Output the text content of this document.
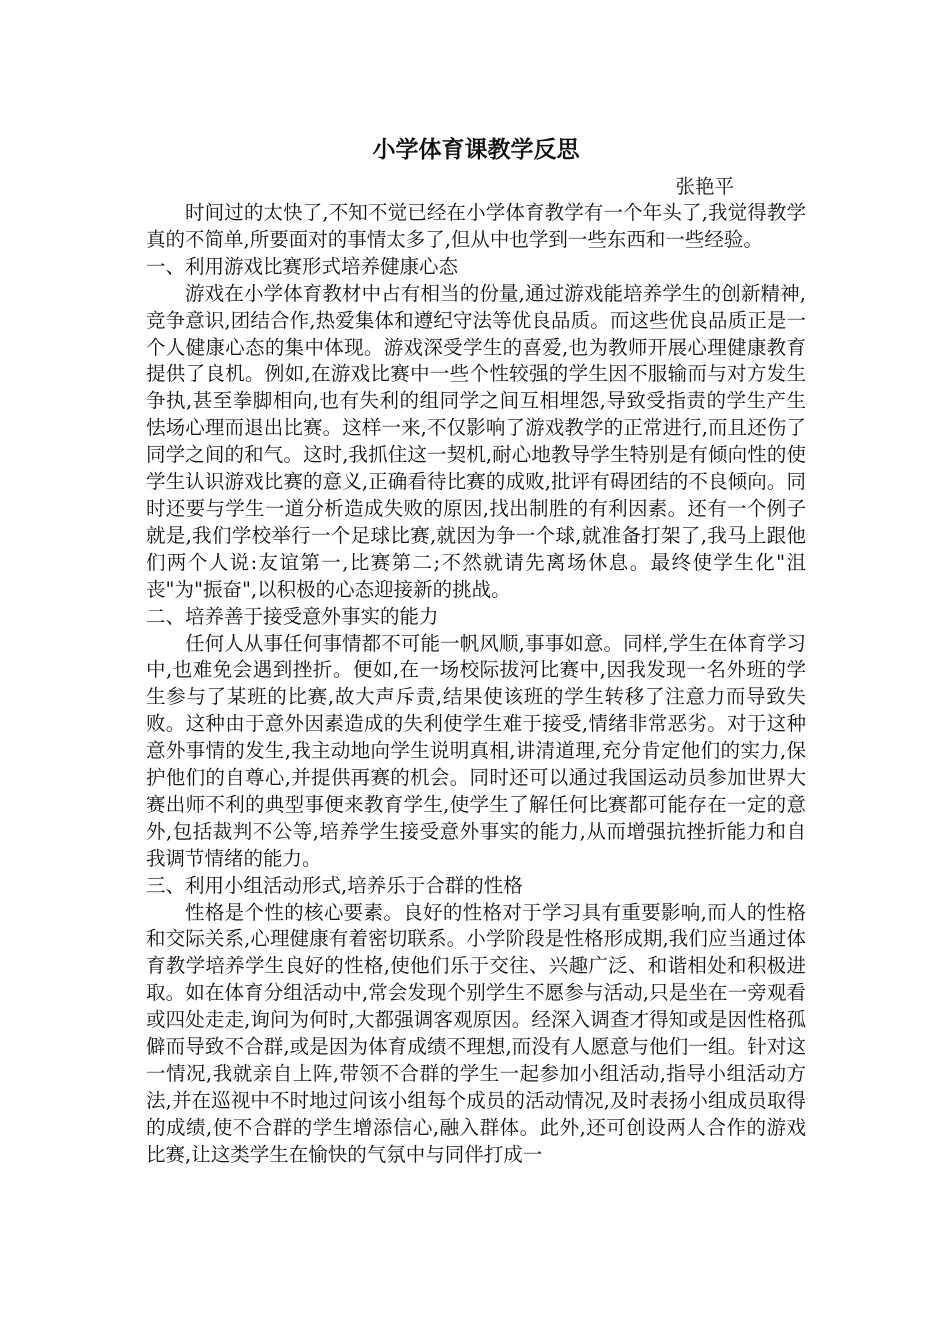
小学体育课教学反思
张艳平

时间过的太快了,不知不觉已经在小学体育教学有一个年头了,我觉得教学真的不简单,所要面对的事情太多了,但从中也学到一些东西和一些经验。

一、利用游戏比赛形式培养健康心态

游戏在小学体育教材中占有相当的份量,通过游戏能培养学生的创新精神,竞争意识,团结合作,热爱集体和遵纪守法等优良品质。而这些优良品质正是一个人健康心态的集中体现。游戏深受学生的喜爱,也为教师开展心理健康教育提供了良机。例如,在游戏比赛中一些个性较强的学生因不服输而与对方发生争执,甚至拳脚相向,也有失利的组同学之间互相埋怨,导致受指责的学生产生怯场心理而退出比赛。这样一来,不仅影响了游戏教学的正常进行,而且还伤了同学之间的和气。这时,我抓住这一契机,耐心地教导学生特别是有倾向性的使学生认识游戏比赛的意义,正确看待比赛的成败,批评有碍团结的不良倾向。同时还要与学生一道分析造成失败的原因,找出制胜的有利因素。还有一个例子就是,我们学校举行一个足球比赛,就因为争一个球,就准备打架了,我马上跟他们两个人说:友谊第一,比赛第二;不然就请先离场休息。最终使学生化"沮丧"为"振奋",以积极的心态迎接新的挑战。

二、培养善于接受意外事实的能力

任何人从事任何事情都不可能一帆风顺,事事如意。同样,学生在体育学习中,也难免会遇到挫折。便如,在一场校际拔河比赛中,因我发现一名外班的学生参与了某班的比赛,故大声斥责,结果使该班的学生转移了注意力而导致失败。这种由于意外因素造成的失利使学生难于接受,情绪非常恶劣。对于这种意外事情的发生,我主动地向学生说明真相,讲清道理,充分肯定他们的实力,保护他们的自尊心,并提供再赛的机会。同时还可以通过我国运动员参加世界大赛出师不利的典型事便来教育学生,使学生了解任何比赛都可能存在一定的意外,包括裁判不公等,培养学生接受意外事实的能力,从而增强抗挫折能力和自我调节情绪的能力。

三、利用小组活动形式,培养乐于合群的性格

性格是个性的核心要素。良好的性格对于学习具有重要影响,而人的性格和交际关系,心理健康有着密切联系。小学阶段是性格形成期,我们应当通过体育教学培养学生良好的性格,使他们乐于交往、兴趣广泛、和谐相处和积极进取。如在体育分组活动中,常会发现个别学生不愿参与活动,只是坐在一旁观看或四处走走,询问为何时,大都强调客观原因。经深入调查才得知或是因性格孤僻而导致不合群,或是因为体育成绩不理想,而没有人愿意与他们一组。针对这一情况,我就亲自上阵,带领不合群的学生一起参加小组活动,指导小组活动方法,并在巡视中不时地过问该小组每个成员的活动情况,及时表扬小组成员取得的成绩,使不合群的学生增添信心,融入群体。此外,还可创设两人合作的游戏比赛,让这类学生在愉快的气氛中与同伴打成一
